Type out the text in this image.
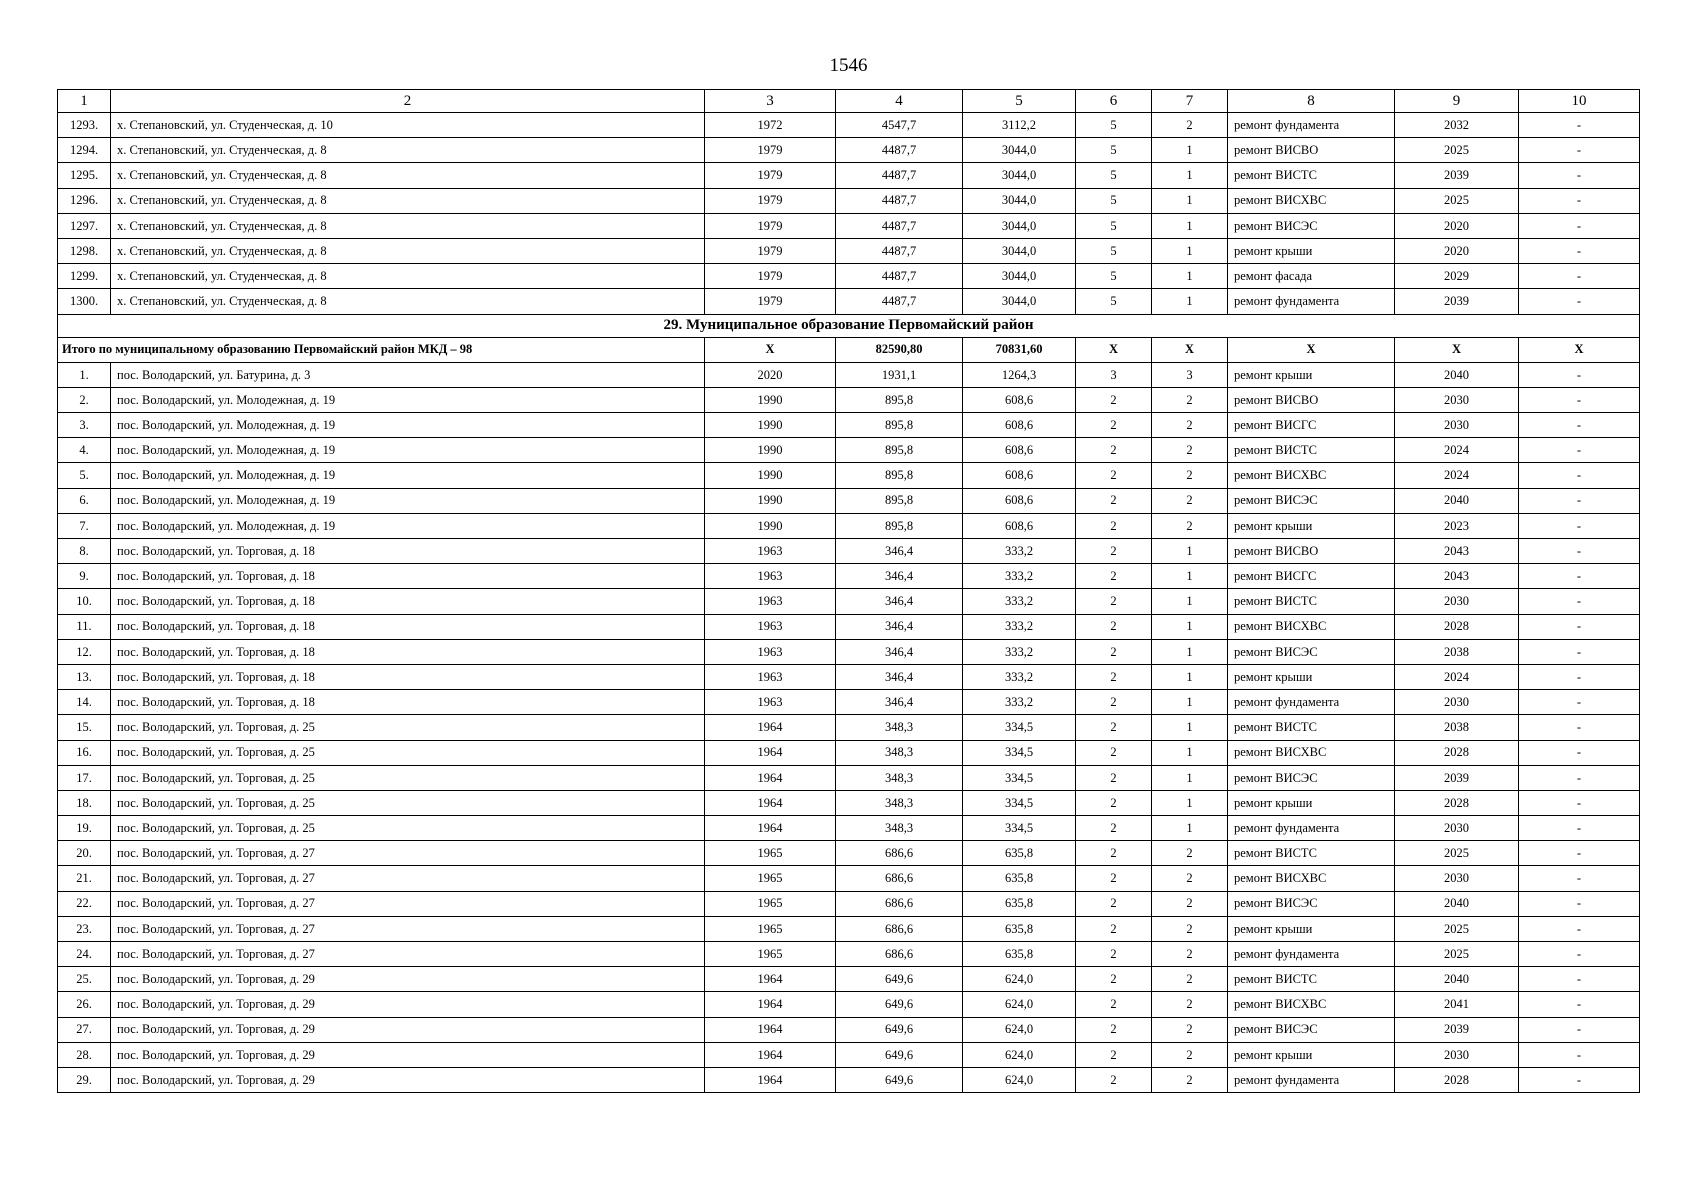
1546
1	2	3	4	5	6	7	8	9	10
1293.	х. Степановский, ул. Студенческая, д. 10	1972	4547,7	3112,2	5	2	ремонт фундамента	2032	-
1294.	х. Степановский, ул. Студенческая, д. 8	1979	4487,7	3044,0	5	1	ремонт ВИСВО	2025	-
1295.	х. Степановский, ул. Студенческая, д. 8	1979	4487,7	3044,0	5	1	ремонт ВИСТС	2039	-
1296.	х. Степановский, ул. Студенческая, д. 8	1979	4487,7	3044,0	5	1	ремонт ВИСХВС	2025	-
1297.	х. Степановский, ул. Студенческая, д. 8	1979	4487,7	3044,0	5	1	ремонт ВИСЭС	2020	-
1298.	х. Степановский, ул. Студенческая, д. 8	1979	4487,7	3044,0	5	1	ремонт крыши	2020	-
1299.	х. Степановский, ул. Студенческая, д. 8	1979	4487,7	3044,0	5	1	ремонт фасада	2029	-
1300.	х. Степановский, ул. Студенческая, д. 8	1979	4487,7	3044,0	5	1	ремонт фундамента	2039	-
29. Муниципальное образование Первомайский район									
Итого по муниципальному образованию Первомайский район МКД – 98		Х	82590,80	70831,60	Х	Х	Х	Х	Х
1.	пос. Володарский, ул. Батурина, д. 3	2020	1931,1	1264,3	3	3	ремонт крыши	2040	-
2.	пос. Володарский, ул. Молодежная, д. 19	1990	895,8	608,6	2	2	ремонт ВИСВО	2030	-
3.	пос. Володарский, ул. Молодежная, д. 19	1990	895,8	608,6	2	2	ремонт ВИСГС	2030	-
4.	пос. Володарский, ул. Молодежная, д. 19	1990	895,8	608,6	2	2	ремонт ВИСТС	2024	-
5.	пос. Володарский, ул. Молодежная, д. 19	1990	895,8	608,6	2	2	ремонт ВИСХВС	2024	-
6.	пос. Володарский, ул. Молодежная, д. 19	1990	895,8	608,6	2	2	ремонт ВИСЭС	2040	-
7.	пос. Володарский, ул. Молодежная, д. 19	1990	895,8	608,6	2	2	ремонт крыши	2023	-
8.	пос. Володарский, ул. Торговая, д. 18	1963	346,4	333,2	2	1	ремонт ВИСВО	2043	-
9.	пос. Володарский, ул. Торговая, д. 18	1963	346,4	333,2	2	1	ремонт ВИСГС	2043	-
10.	пос. Володарский, ул. Торговая, д. 18	1963	346,4	333,2	2	1	ремонт ВИСТС	2030	-
11.	пос. Володарский, ул. Торговая, д. 18	1963	346,4	333,2	2	1	ремонт ВИСХВС	2028	-
12.	пос. Володарский, ул. Торговая, д. 18	1963	346,4	333,2	2	1	ремонт ВИСЭС	2038	-
13.	пос. Володарский, ул. Торговая, д. 18	1963	346,4	333,2	2	1	ремонт крыши	2024	-
14.	пос. Володарский, ул. Торговая, д. 18	1963	346,4	333,2	2	1	ремонт фундамента	2030	-
15.	пос. Володарский, ул. Торговая, д. 25	1964	348,3	334,5	2	1	ремонт ВИСТС	2038	-
16.	пос. Володарский, ул. Торговая, д. 25	1964	348,3	334,5	2	1	ремонт ВИСХВС	2028	-
17.	пос. Володарский, ул. Торговая, д. 25	1964	348,3	334,5	2	1	ремонт ВИСЭС	2039	-
18.	пос. Володарский, ул. Торговая, д. 25	1964	348,3	334,5	2	1	ремонт крыши	2028	-
19.	пос. Володарский, ул. Торговая, д. 25	1964	348,3	334,5	2	1	ремонт фундамента	2030	-
20.	пос. Володарский, ул. Торговая, д. 27	1965	686,6	635,8	2	2	ремонт ВИСТС	2025	-
21.	пос. Володарский, ул. Торговая, д. 27	1965	686,6	635,8	2	2	ремонт ВИСХВС	2030	-
22.	пос. Володарский, ул. Торговая, д. 27	1965	686,6	635,8	2	2	ремонт ВИСЭС	2040	-
23.	пос. Володарский, ул. Торговая, д. 27	1965	686,6	635,8	2	2	ремонт крыши	2025	-
24.	пос. Володарский, ул. Торговая, д. 27	1965	686,6	635,8	2	2	ремонт фундамента	2025	-
25.	пос. Володарский, ул. Торговая, д. 29	1964	649,6	624,0	2	2	ремонт ВИСТС	2040	-
26.	пос. Володарский, ул. Торговая, д. 29	1964	649,6	624,0	2	2	ремонт ВИСХВС	2041	-
27.	пос. Володарский, ул. Торговая, д. 29	1964	649,6	624,0	2	2	ремонт ВИСЭС	2039	-
28.	пос. Володарский, ул. Торговая, д. 29	1964	649,6	624,0	2	2	ремонт крыши	2030	-
29.	пос. Володарский, ул. Торговая, д. 29	1964	649,6	624,0	2	2	ремонт фундамента	2028	-
